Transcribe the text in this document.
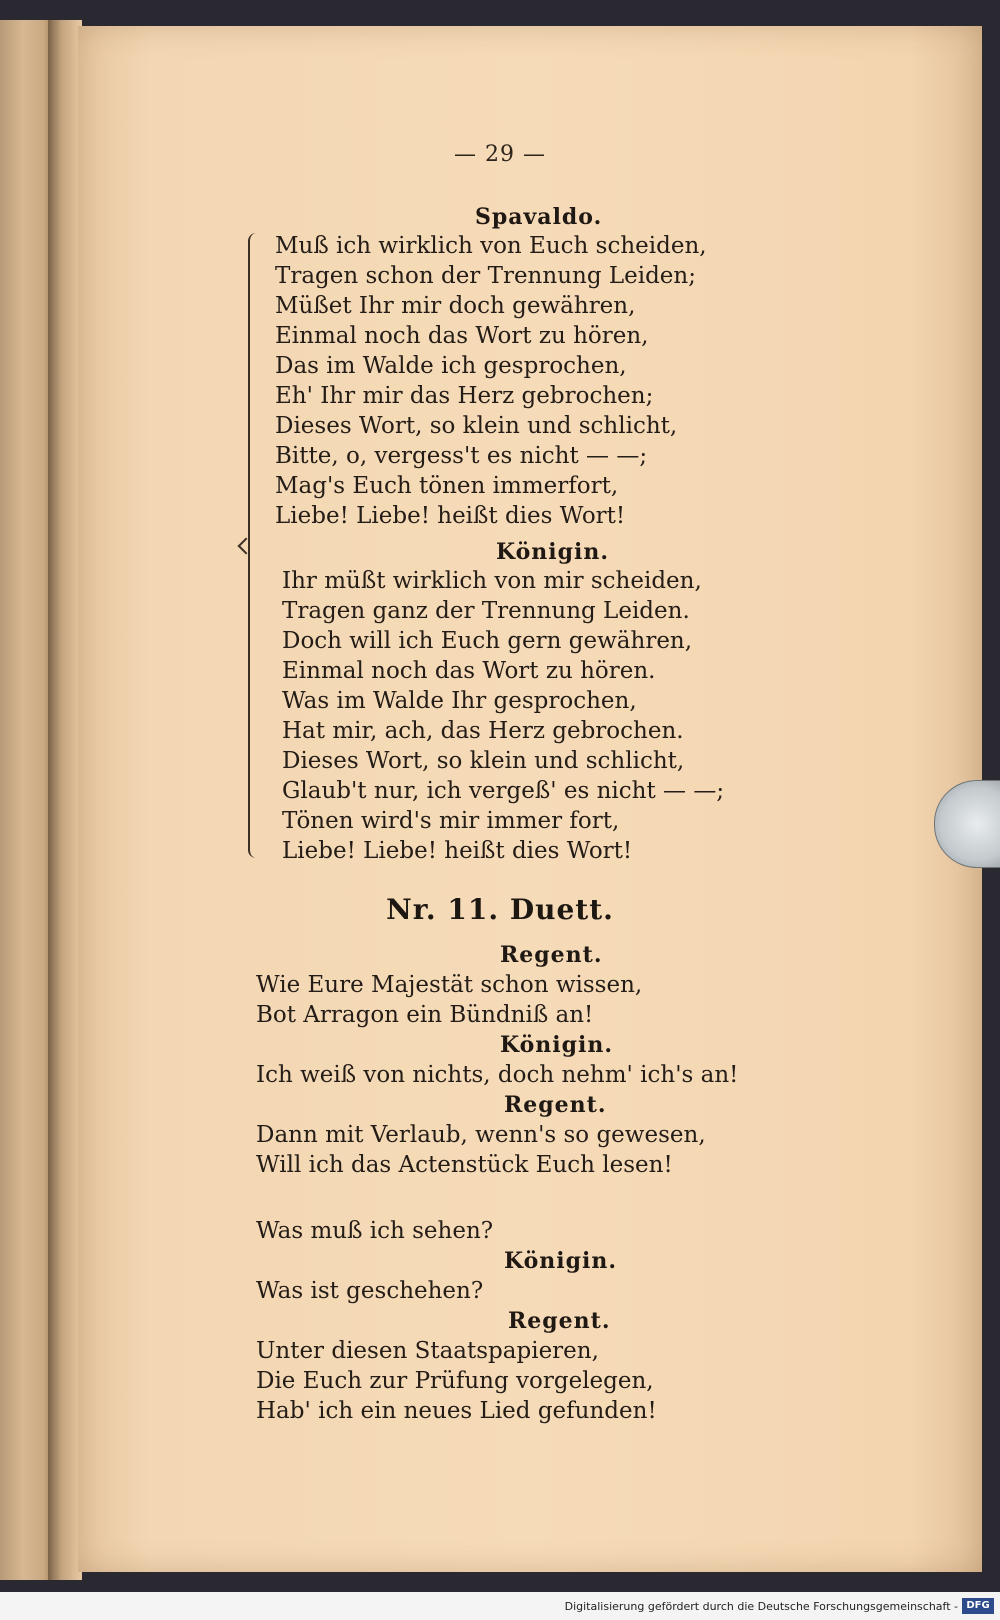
— 29 —
Spavaldo.
Muß ich wirklich von Euch scheiden,
Tragen schon der Trennung Leiden;
Müßet Ihr mir doch gewähren,
Einmal noch das Wort zu hören,
Das im Walde ich gesprochen,
Eh' Ihr mir das Herz gebrochen;
Dieses Wort, so klein und schlicht,
Bitte, o, vergess't es nicht — —;
Mag's Euch tönen immerfort,
Liebe! Liebe! heißt dies Wort!
Königin.
Ihr müßt wirklich von mir scheiden,
Tragen ganz der Trennung Leiden.
Doch will ich Euch gern gewähren,
Einmal noch das Wort zu hören.
Was im Walde Ihr gesprochen,
Hat mir, ach, das Herz gebrochen.
Dieses Wort, so klein und schlicht,
Glaub't nur, ich vergeß' es nicht — —;
Tönen wird's mir immer fort,
Liebe! Liebe! heißt dies Wort!
Nr. 11. Duett.
Regent.
Wie Eure Majestät schon wissen,
Bot Arragon ein Bündniß an!
Königin.
Ich weiß von nichts, doch nehm' ich's an!
Regent.
Dann mit Verlaub, wenn's so gewesen,
Will ich das Actenstück Euch lesen!
Was muß ich sehen?
Königin.
Was ist geschehen?
Regent.
Unter diesen Staatspapieren,
Die Euch zur Prüfung vorgelegen,
Hab' ich ein neues Lied gefunden!
Digitalisierung gefördert durch die Deutsche Forschungsgemeinschaft - DFG
